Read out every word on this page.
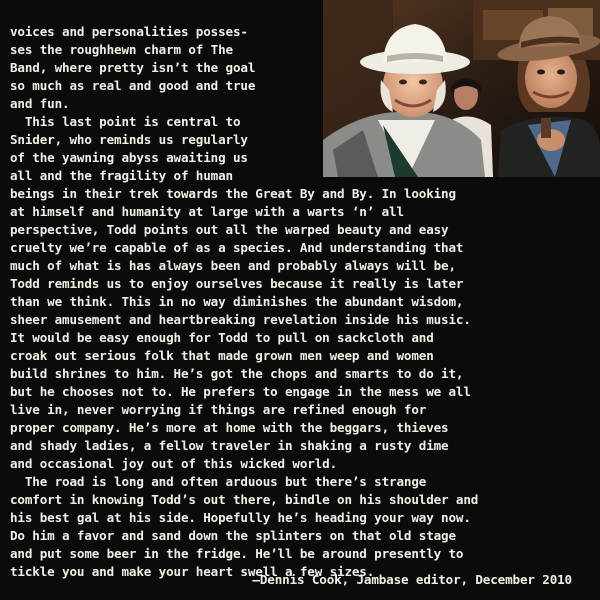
voices and personalities posses-
ses the roughhewn charm of The
Band, where pretty isn’t the goal
so much as real and good and true
and fun.
This last point is central to
Snider, who reminds us regularly
of the yawning abyss awaiting us
all and the fragility of human
beings in their trek towards the Great By and By. In looking
at himself and humanity at large with a warts ‘n’ all
perspective, Todd points out all the warped beauty and easy
cruelty we’re capable of as a species. And understanding that
much of what is has always been and probably always will be,
Todd reminds us to enjoy ourselves because it really is later
than we think. This in no way diminishes the abundant wisdom,
sheer amusement and heartbreaking revelation inside his music.
It would be easy enough for Todd to pull on sackcloth and
croak out serious folk that made grown men weep and women
build shrines to him. He’s got the chops and smarts to do it,
but he chooses not to. He prefers to engage in the mess we all
live in, never worrying if things are refined enough for
proper company. He’s more at home with the beggars, thieves
and shady ladies, a fellow traveler in shaking a rusty dime
and occasional joy out of this wicked world.
The road is long and often arduous but there’s strange
comfort in knowing Todd’s out there, bindle on his shoulder and
his best gal at his side. Hopefully he’s heading your way now.
Do him a favor and sand down the splinters on that old stage
and put some beer in the fridge. He’ll be around presently to
tickle you and make your heart swell a few sizes.
—Dennis Cook, Jambase editor, December 2010
